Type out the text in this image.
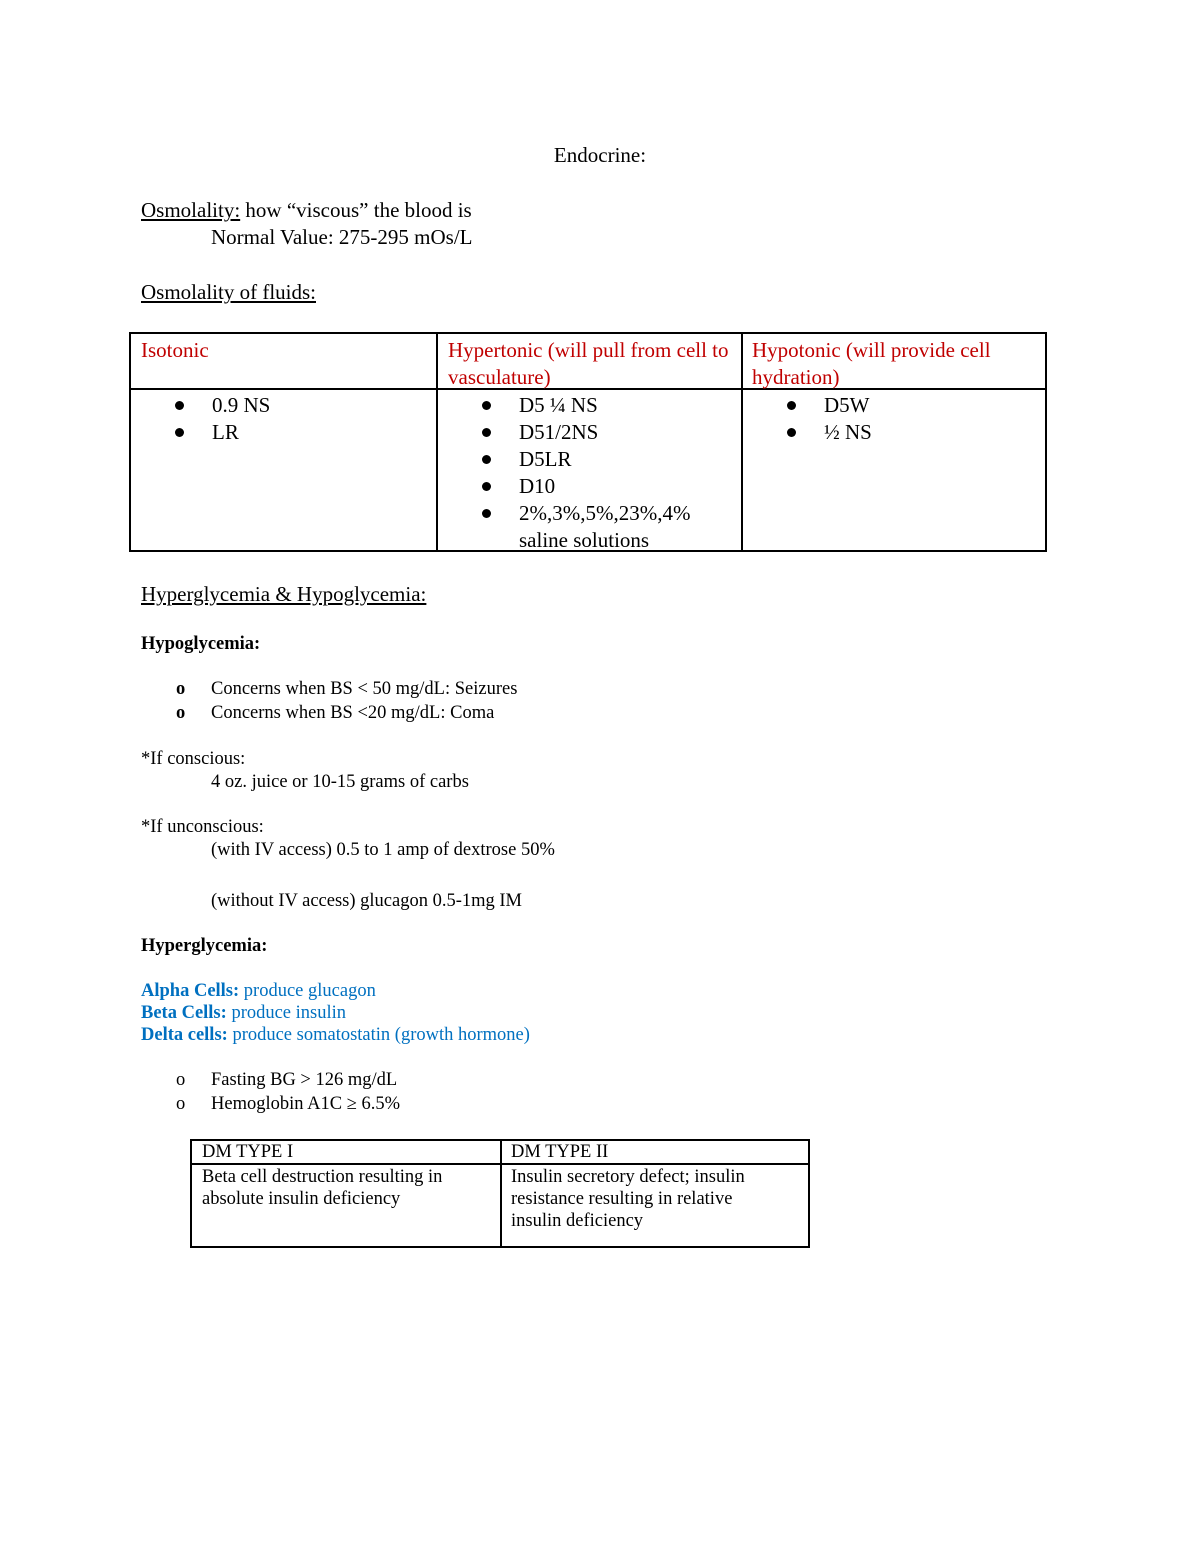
Endocrine:
Osmolality: how “viscous” the blood is
Normal Value: 275-295 mOs/L
Osmolality of fluids:
Isotonic	Hypertonic (will pull from cell to vasculature)
Hypotonic (will provide cell hydration)
0.9 NS
LR
D5 ¼ NS
D51/2NS
D5LR
D10
2%,3%,5%,23%,4% saline solutions
D5W
½ NS
Hyperglycemia & Hypoglycemia:
Hypoglycemia:
o Concerns when BS < 50 mg/dL: Seizures
o Concerns when BS <20 mg/dL: Coma
*If conscious:
4 oz. juice or 10-15 grams of carbs
*If unconscious:
(with IV access) 0.5 to 1 amp of dextrose 50%
(without IV access) glucagon 0.5-1mg IM
Hyperglycemia:
Alpha Cells: produce glucagon
Beta Cells: produce insulin
Delta cells: produce somatostatin (growth hormone)
o Fasting BG > 126 mg/dL
o Hemoglobin A1C ≥ 6.5%
DM TYPE I	DM TYPE II
Beta cell destruction resulting in absolute insulin deficiency
Insulin secretory defect; insulin resistance resulting in relative insulin deficiency
